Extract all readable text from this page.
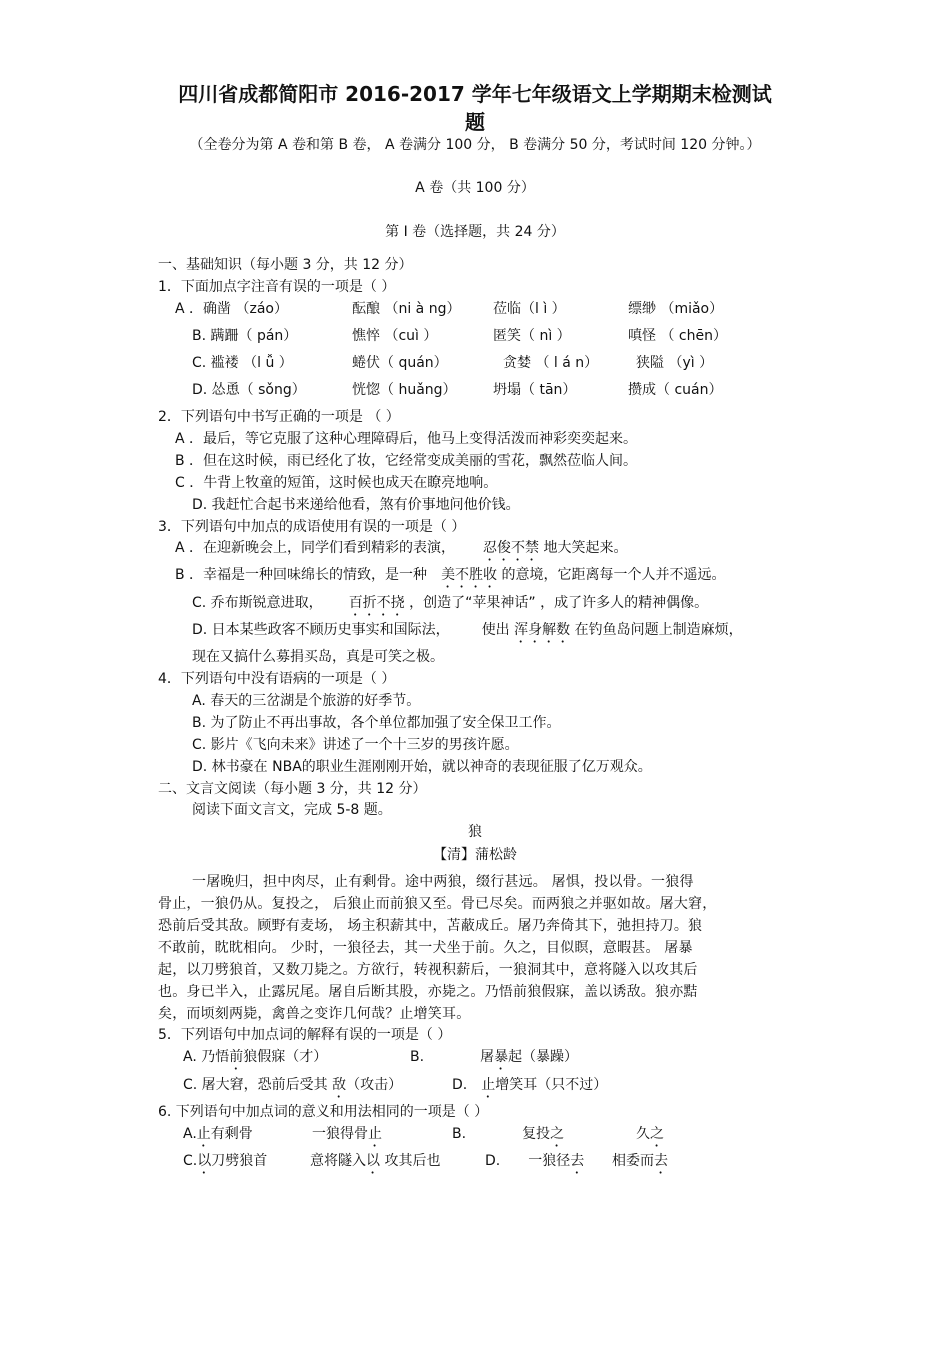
四川省成都简阳市 2016-2017 学年七年级语文上学期期末检测试
题
（全卷分为第 A 卷和第 B 卷， A 卷满分 100 分， B 卷满分 50 分，考试时间 120 分钟。）
A 卷（共 100 分）
第 Ⅰ 卷（选择题，共 24 分）
一、基础知识（每小题 3 分，共 12 分）
1．下面加点字注音有误的一项是（ ）
A ．确凿 （záo）	酝酿 （ni à ng） 莅临（l ì ）	缥缈 （miǎo）
B. 蹒跚（ pán）	憔悴 （cuì ）	匿笑（ nì ）	嗔怪 （ chēn）
C. 褴褛 （l ǚ ）	蜷伏（ quán）	贪婪 （ l á n）	狭隘 （yì ）
D. 怂恿（ sǒng）	恍惚（ huǎng）	坍塌（ tān）	攒成（ cuán）
2．下列语句中书写正确的一项是 （ ）
A ．最后，等它克服了这种心理障碍后，他马上变得活泼而神彩奕奕起来。
B ．但在这时候，雨已经化了妆，它经常变成美丽的雪花，飘然莅临人间。
C ．牛背上牧童的短笛，这时候也成天在瞭亮地响。
D. 我赶忙合起书来递给他看，煞有价事地问他价钱。
3．下列语句中加点的成语使用有误的一项是（ ）
A ．在迎新晚会上，同学们看到精彩的表演， 忍俊不禁 地大笑起来。
B ．幸福是一种回味绵长的情致，是一种 美不胜收 的意境，它距离每一个人并不遥远。
C. 乔布斯锐意进取， 百折不挠 ，创造了“苹果神话” ，成了许多人的精神偶像。
D. 日本某些政客不顾历史事实和国际法， 使出 浑身解数 在钓鱼岛问题上制造麻烦，
现在又搞什么募捐买岛，真是可笑之极。
4．下列语句中没有语病的一项是（ ）
A. 春天的三岔湖是个旅游的好季节。
B. 为了防止不再出事故，各个单位都加强了安全保卫工作。
C. 影片《飞向未来》讲述了一个十三岁的男孩许愿。
D. 林书豪在 NBA的职业生涯刚刚开始，就以神奇的表现征服了亿万观众。
二、文言文阅读（每小题 3 分，共 12 分）
阅读下面文言文，完成 5-8 题。
狼
【清】蒲松龄
一屠晚归，担中肉尽，止有剩骨。途中两狼，缀行甚远。 屠惧，投以骨。一狼得
骨止，一狼仍从。复投之， 后狼止而前狼又至。骨已尽矣。而两狼之并驱如故。屠大窘，
恐前后受其敌。顾野有麦场， 场主积薪其中，苫蔽成丘。屠乃奔倚其下，弛担持刀。狼
不敢前，眈眈相向。 少时，一狼径去，其一犬坐于前。久之，目似瞑，意暇甚。 屠暴
起，以刀劈狼首，又数刀毙之。方欲行，转视积薪后，一狼洞其中，意将隧入以攻其后
也。身已半入，止露尻尾。屠自后断其股，亦毙之。乃悟前狼假寐，盖以诱敌。狼亦黠
矣，而顷刻两毙，禽兽之变诈几何哉？止增笑耳。
5．下列语句中加点词的解释有误的一项是（ ）
A. 乃悟前狼假寐（才）	B.	屠暴起（暴躁）
C. 屠大窘，恐前后受其 敌（攻击）	D. 止增笑耳（只不过）
6. 下列语句中加点词的意义和用法相同的一项是（ ）
A.止有剩骨	一狼得骨止	B.	复投之	久之
C.以刀劈狼首	意将隧入以 攻其后也	D. 一狼径去 相委而去
